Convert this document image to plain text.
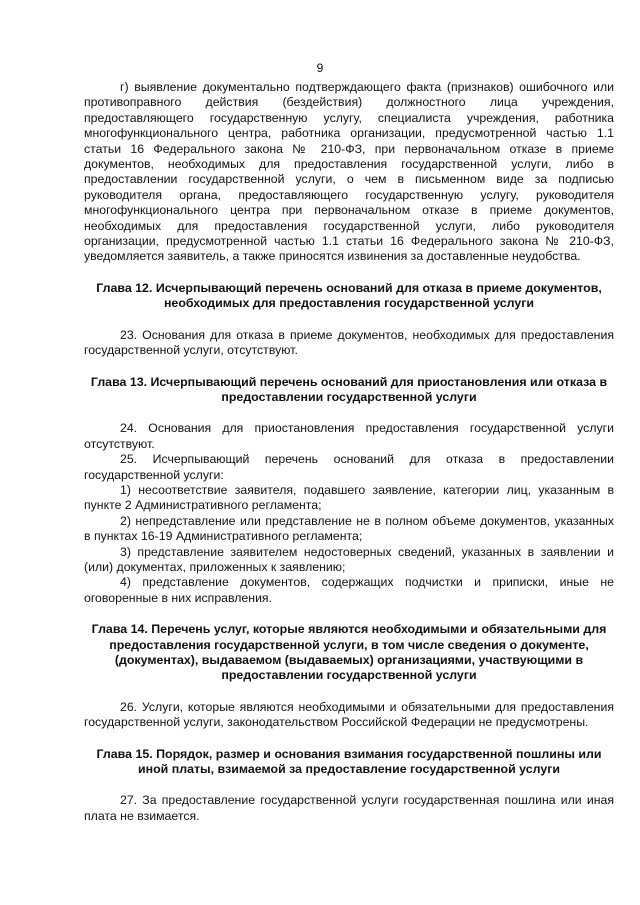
9

г) выявление документально подтверждающего факта (признаков) ошибочного или противоправного действия (бездействия) должностного лица учреждения, предоставляющего государственную услугу, специалиста учреждения, работника многофункционального центра, работника организации, предусмотренной частью 1.1 статьи 16 Федерального закона № 210-ФЗ, при первоначальном отказе в приеме документов, необходимых для предоставления государственной услуги, либо в предоставлении государственной услуги, о чем в письменном виде за подписью руководителя органа, предоставляющего государственную услугу, руководителя многофункционального центра при первоначальном отказе в приеме документов, необходимых для предоставления государственной услуги, либо руководителя организации, предусмотренной частью 1.1 статьи 16 Федерального закона № 210-ФЗ, уведомляется заявитель, а также приносятся извинения за доставленные неудобства.

Глава 12. Исчерпывающий перечень оснований для отказа в приеме документов, необходимых для предоставления государственной услуги

23. Основания для отказа в приеме документов, необходимых для предоставления государственной услуги, отсутствуют.

Глава 13. Исчерпывающий перечень оснований для приостановления или отказа в предоставлении государственной услуги

24. Основания для приостановления предоставления государственной услуги отсутствуют.

25. Исчерпывающий перечень оснований для отказа в предоставлении государственной услуги:

1) несоответствие заявителя, подавшего заявление, категории лиц, указанным в пункте 2 Административного регламента;

2) непредставление или представление не в полном объеме документов, указанных в пунктах 16-19 Административного регламента;

3) представление заявителем недостоверных сведений, указанных в заявлении и (или) документах, приложенных к заявлению;

4) представление документов, содержащих подчистки и приписки, иные не оговоренные в них исправления.

Глава 14. Перечень услуг, которые являются необходимыми и обязательными для предоставления государственной услуги, в том числе сведения о документе, (документах), выдаваемом (выдаваемых) организациями, участвующими в предоставлении государственной услуги

26. Услуги, которые являются необходимыми и обязательными для предоставления государственной услуги, законодательством Российской Федерации не предусмотрены.

Глава 15. Порядок, размер и основания взимания государственной пошлины или иной платы, взимаемой за предоставление государственной услуги

27. За предоставление государственной услуги государственная пошлина или иная плата не взимается.
